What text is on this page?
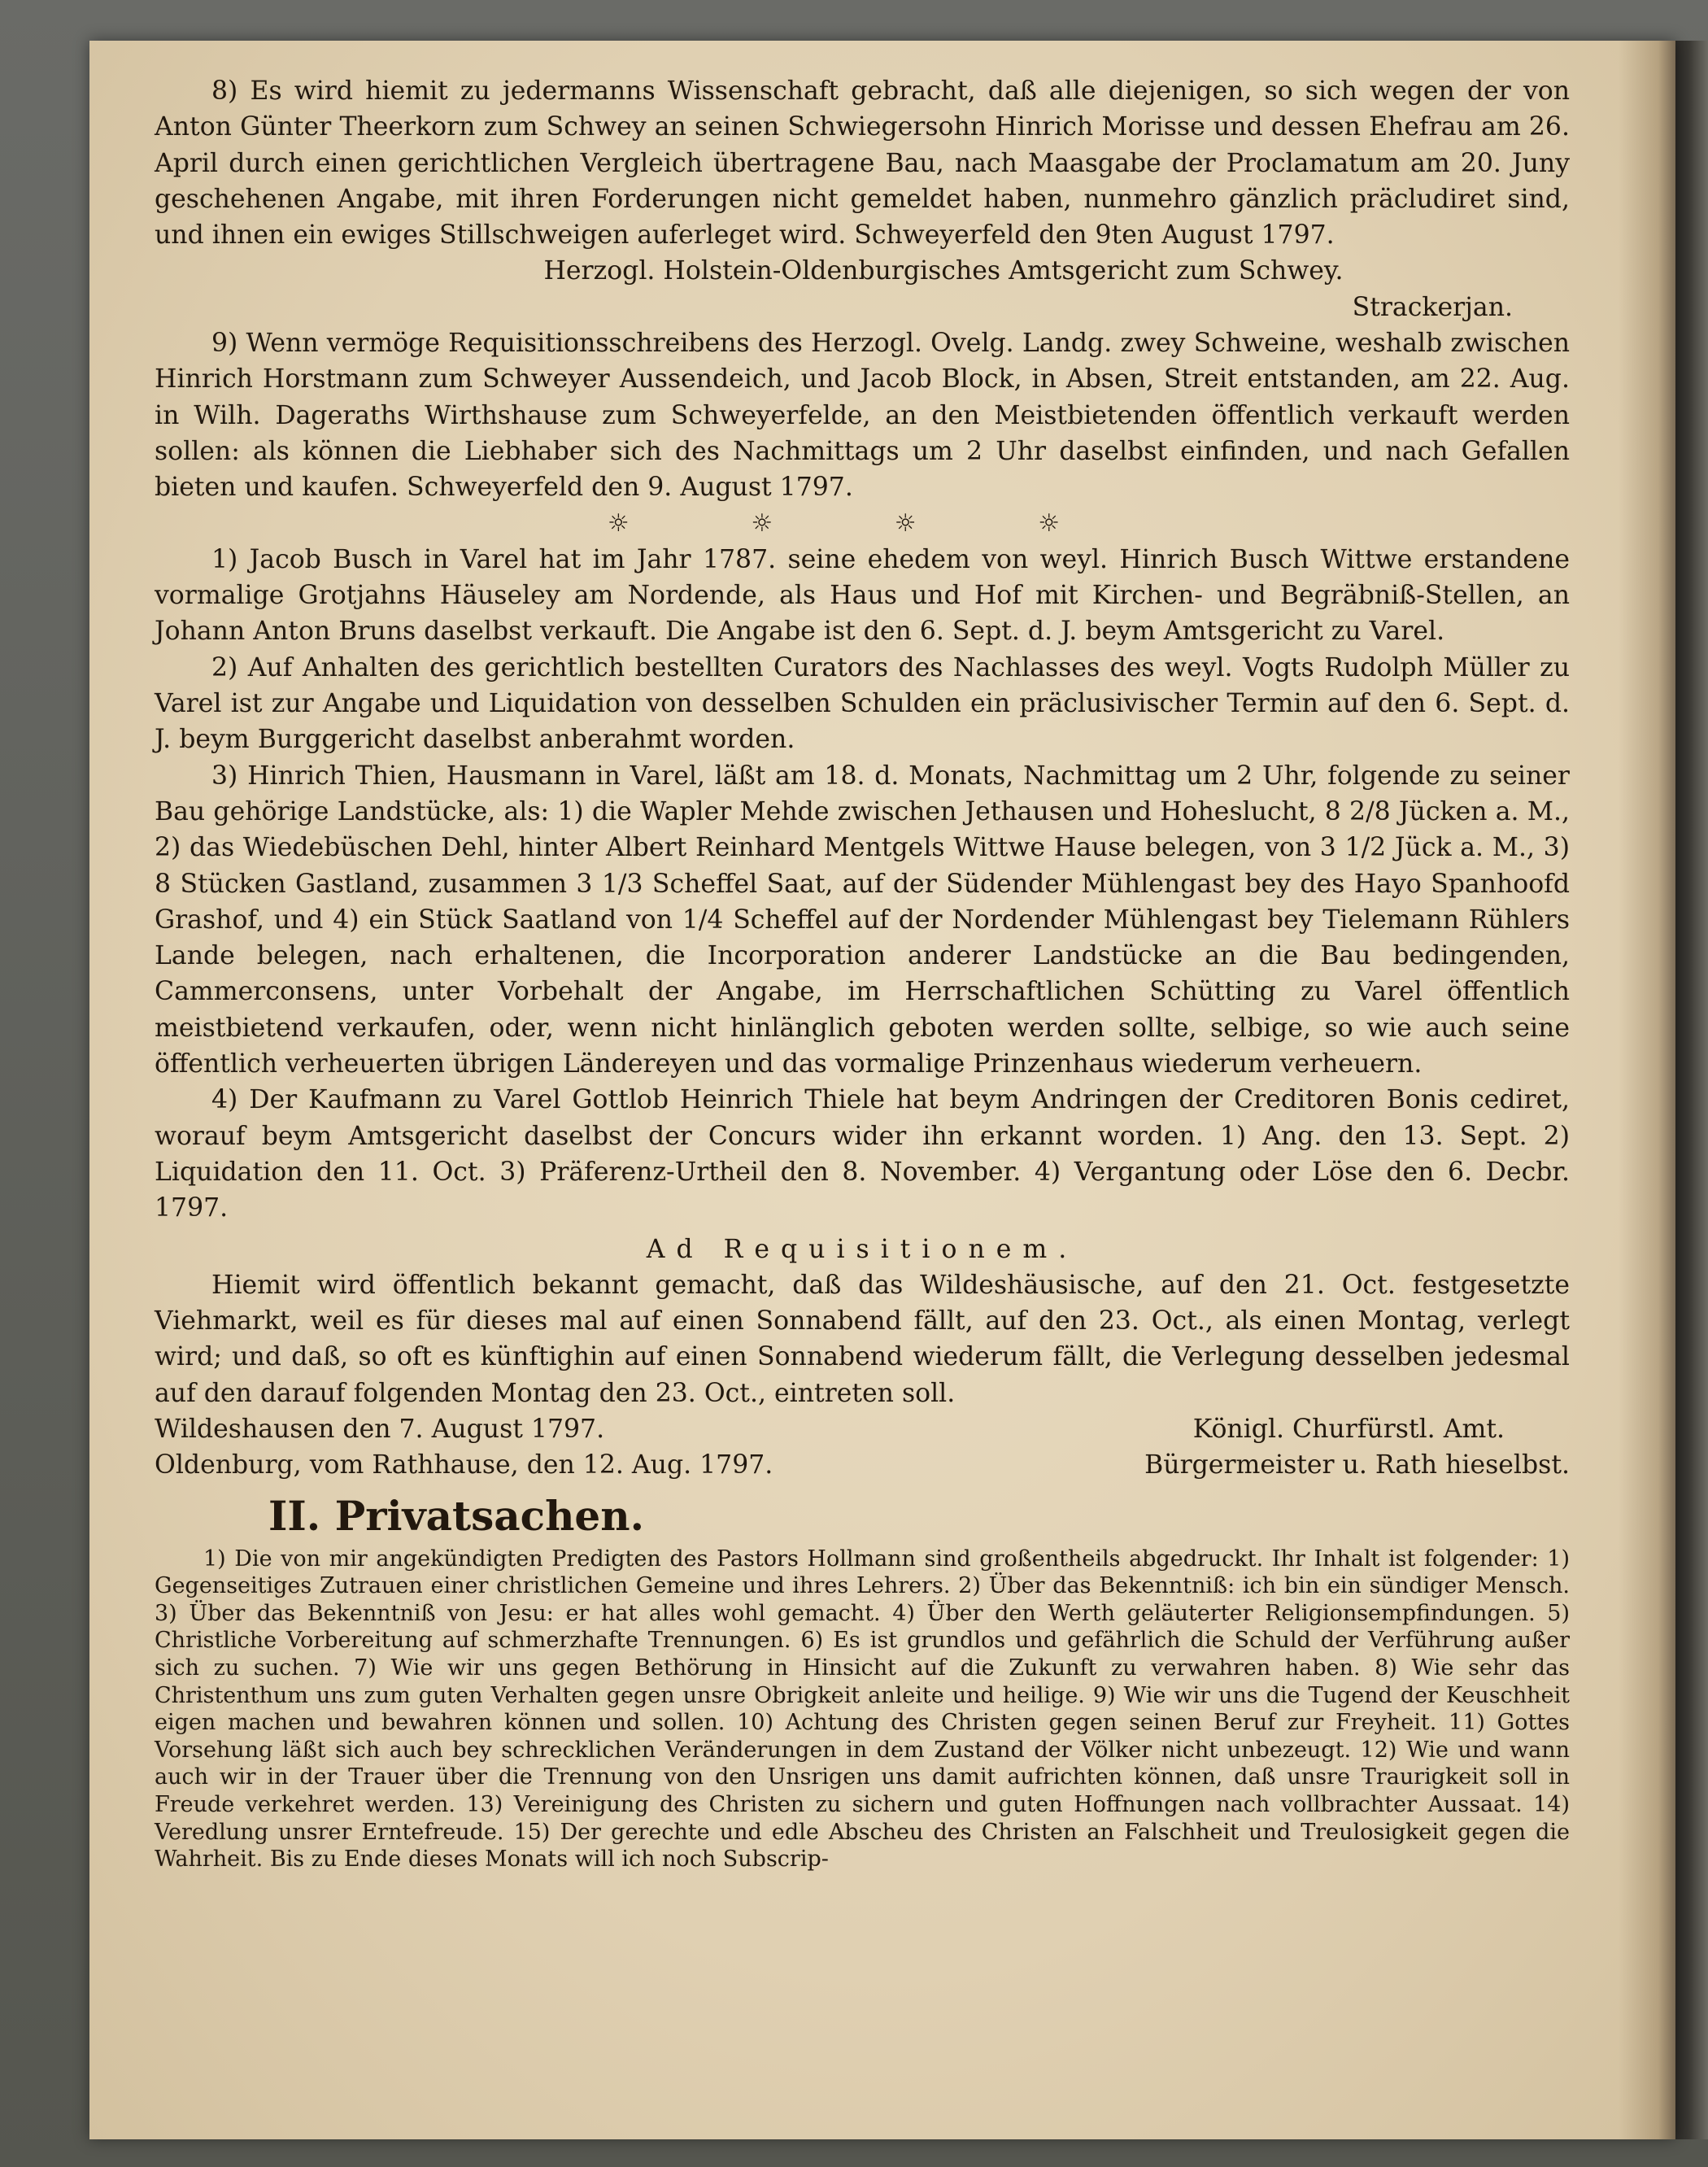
8) Es wird hiemit zu jedermanns Wissenschaft gebracht, daß alle diejenigen, so sich wegen der von Anton Günter Theerkorn zum Schwey an seinen Schwiegersohn Hinrich Morisse und dessen Ehefrau am 26. April durch einen gerichtlichen Vergleich übertragene Bau, nach Maasgabe der Proclamatum am 20. Juny geschehenen Angabe, mit ihren Forderungen nicht gemeldet haben, nunmehro gänzlich präcludiret sind, und ihnen ein ewiges Stillschweigen auferleget wird. Schweyerfeld den 9ten August 1797.

Herzogl. Holstein-Oldenburgisches Amtsgericht zum Schwey.

Strackerjan.

9) Wenn vermöge Requisitionsschreibens des Herzogl. Ovelg. Landg. zwey Schweine, weshalb zwischen Hinrich Horstmann zum Schweyer Aussendeich, und Jacob Block, in Absen, Streit entstanden, am 22. Aug. in Wilh. Dageraths Wirthshause zum Schweyerfelde, an den Meistbietenden öffentlich verkauft werden sollen: als können die Liebhaber sich des Nachmittags um 2 Uhr daselbst einfinden, und nach Gefallen bieten und kaufen. Schweyerfeld den 9. August 1797.

☼ ☼ ☼ ☼

1) Jacob Busch in Varel hat im Jahr 1787. seine ehedem von weyl. Hinrich Busch Wittwe erstandene vormalige Grotjahns Häuseley am Nordende, als Haus und Hof mit Kirchen- und Begräbniß-Stellen, an Johann Anton Bruns daselbst verkauft. Die Angabe ist den 6. Sept. d. J. beym Amtsgericht zu Varel.

2) Auf Anhalten des gerichtlich bestellten Curators des Nachlasses des weyl. Vogts Rudolph Müller zu Varel ist zur Angabe und Liquidation von desselben Schulden ein präclusivischer Termin auf den 6. Sept. d. J. beym Burggericht daselbst anberahmt worden.

3) Hinrich Thien, Hausmann in Varel, läßt am 18. d. Monats, Nachmittag um 2 Uhr, folgende zu seiner Bau gehörige Landstücke, als: 1) die Wapler Mehde zwischen Jethausen und Hoheslucht, 8 2/8 Jücken a. M., 2) das Wiedebüschen Dehl, hinter Albert Reinhard Mentgels Wittwe Hause belegen, von 3 1/2 Jück a. M., 3) 8 Stücken Gastland, zusammen 3 1/3 Scheffel Saat, auf der Südender Mühlengast bey des Hayo Spanhoofd Grashof, und 4) ein Stück Saatland von 1/4 Scheffel auf der Nordender Mühlengast bey Tielemann Rühlers Lande belegen, nach erhaltenen, die Incorporation anderer Landstücke an die Bau bedingenden, Cammerconsens, unter Vorbehalt der Angabe, im Herrschaftlichen Schütting zu Varel öffentlich meistbietend verkaufen, oder, wenn nicht hinlänglich geboten werden sollte, selbige, so wie auch seine öffentlich verheuerten übrigen Ländereyen und das vormalige Prinzenhaus wiederum verheuern.

4) Der Kaufmann zu Varel Gottlob Heinrich Thiele hat beym Andringen der Creditoren Bonis cediret, worauf beym Amtsgericht daselbst der Concurs wider ihn erkannt worden. 1) Ang. den 13. Sept. 2) Liquidation den 11. Oct. 3) Präferenz-Urtheil den 8. November. 4) Vergantung oder Löse den 6. Decbr. 1797.

Ad Requisitionem.

Hiemit wird öffentlich bekannt gemacht, daß das Wildeshäusische, auf den 21. Oct. festgesetzte Viehmarkt, weil es für dieses mal auf einen Sonnabend fällt, auf den 23. Oct., als einen Montag, verlegt wird; und daß, so oft es künftighin auf einen Sonnabend wiederum fällt, die Verlegung desselben jedesmal auf den darauf folgenden Montag den 23. Oct., eintreten soll.

Wildeshausen den 7. August 1797.	Königl. Churfürstl. Amt.
Oldenburg, vom Rathhause, den 12. Aug. 1797.	Bürgermeister u. Rath hieselbst.

II. Privatsachen.

1) Die von mir angekündigten Predigten des Pastors Hollmann sind großentheils abgedruckt. Ihr Inhalt ist folgender: 1) Gegenseitiges Zutrauen einer christlichen Gemeine und ihres Lehrers. 2) Über das Bekenntniß: ich bin ein sündiger Mensch. 3) Über das Bekenntniß von Jesu: er hat alles wohl gemacht. 4) Über den Werth geläuterter Religionsempfindungen. 5) Christliche Vorbereitung auf schmerzhafte Trennungen. 6) Es ist grundlos und gefährlich die Schuld der Verführung außer sich zu suchen. 7) Wie wir uns gegen Bethörung in Hinsicht auf die Zukunft zu verwahren haben. 8) Wie sehr das Christenthum uns zum guten Verhalten gegen unsre Obrigkeit anleite und heilige. 9) Wie wir uns die Tugend der Keuschheit eigen machen und bewahren können und sollen. 10) Achtung des Christen gegen seinen Beruf zur Freyheit. 11) Gottes Vorsehung läßt sich auch bey schrecklichen Veränderungen in dem Zustand der Völker nicht unbezeugt. 12) Wie und wann auch wir in der Trauer über die Trennung von den Unsrigen uns damit aufrichten können, daß unsre Traurigkeit soll in Freude verkehret werden. 13) Vereinigung des Christen zu sichern und guten Hoffnungen nach vollbrachter Aussaat. 14) Veredlung unsrer Erntefreude. 15) Der gerechte und edle Abscheu des Christen an Falschheit und Treulosigkeit gegen die Wahrheit. Bis zu Ende dieses Monats will ich noch Subscrip-
